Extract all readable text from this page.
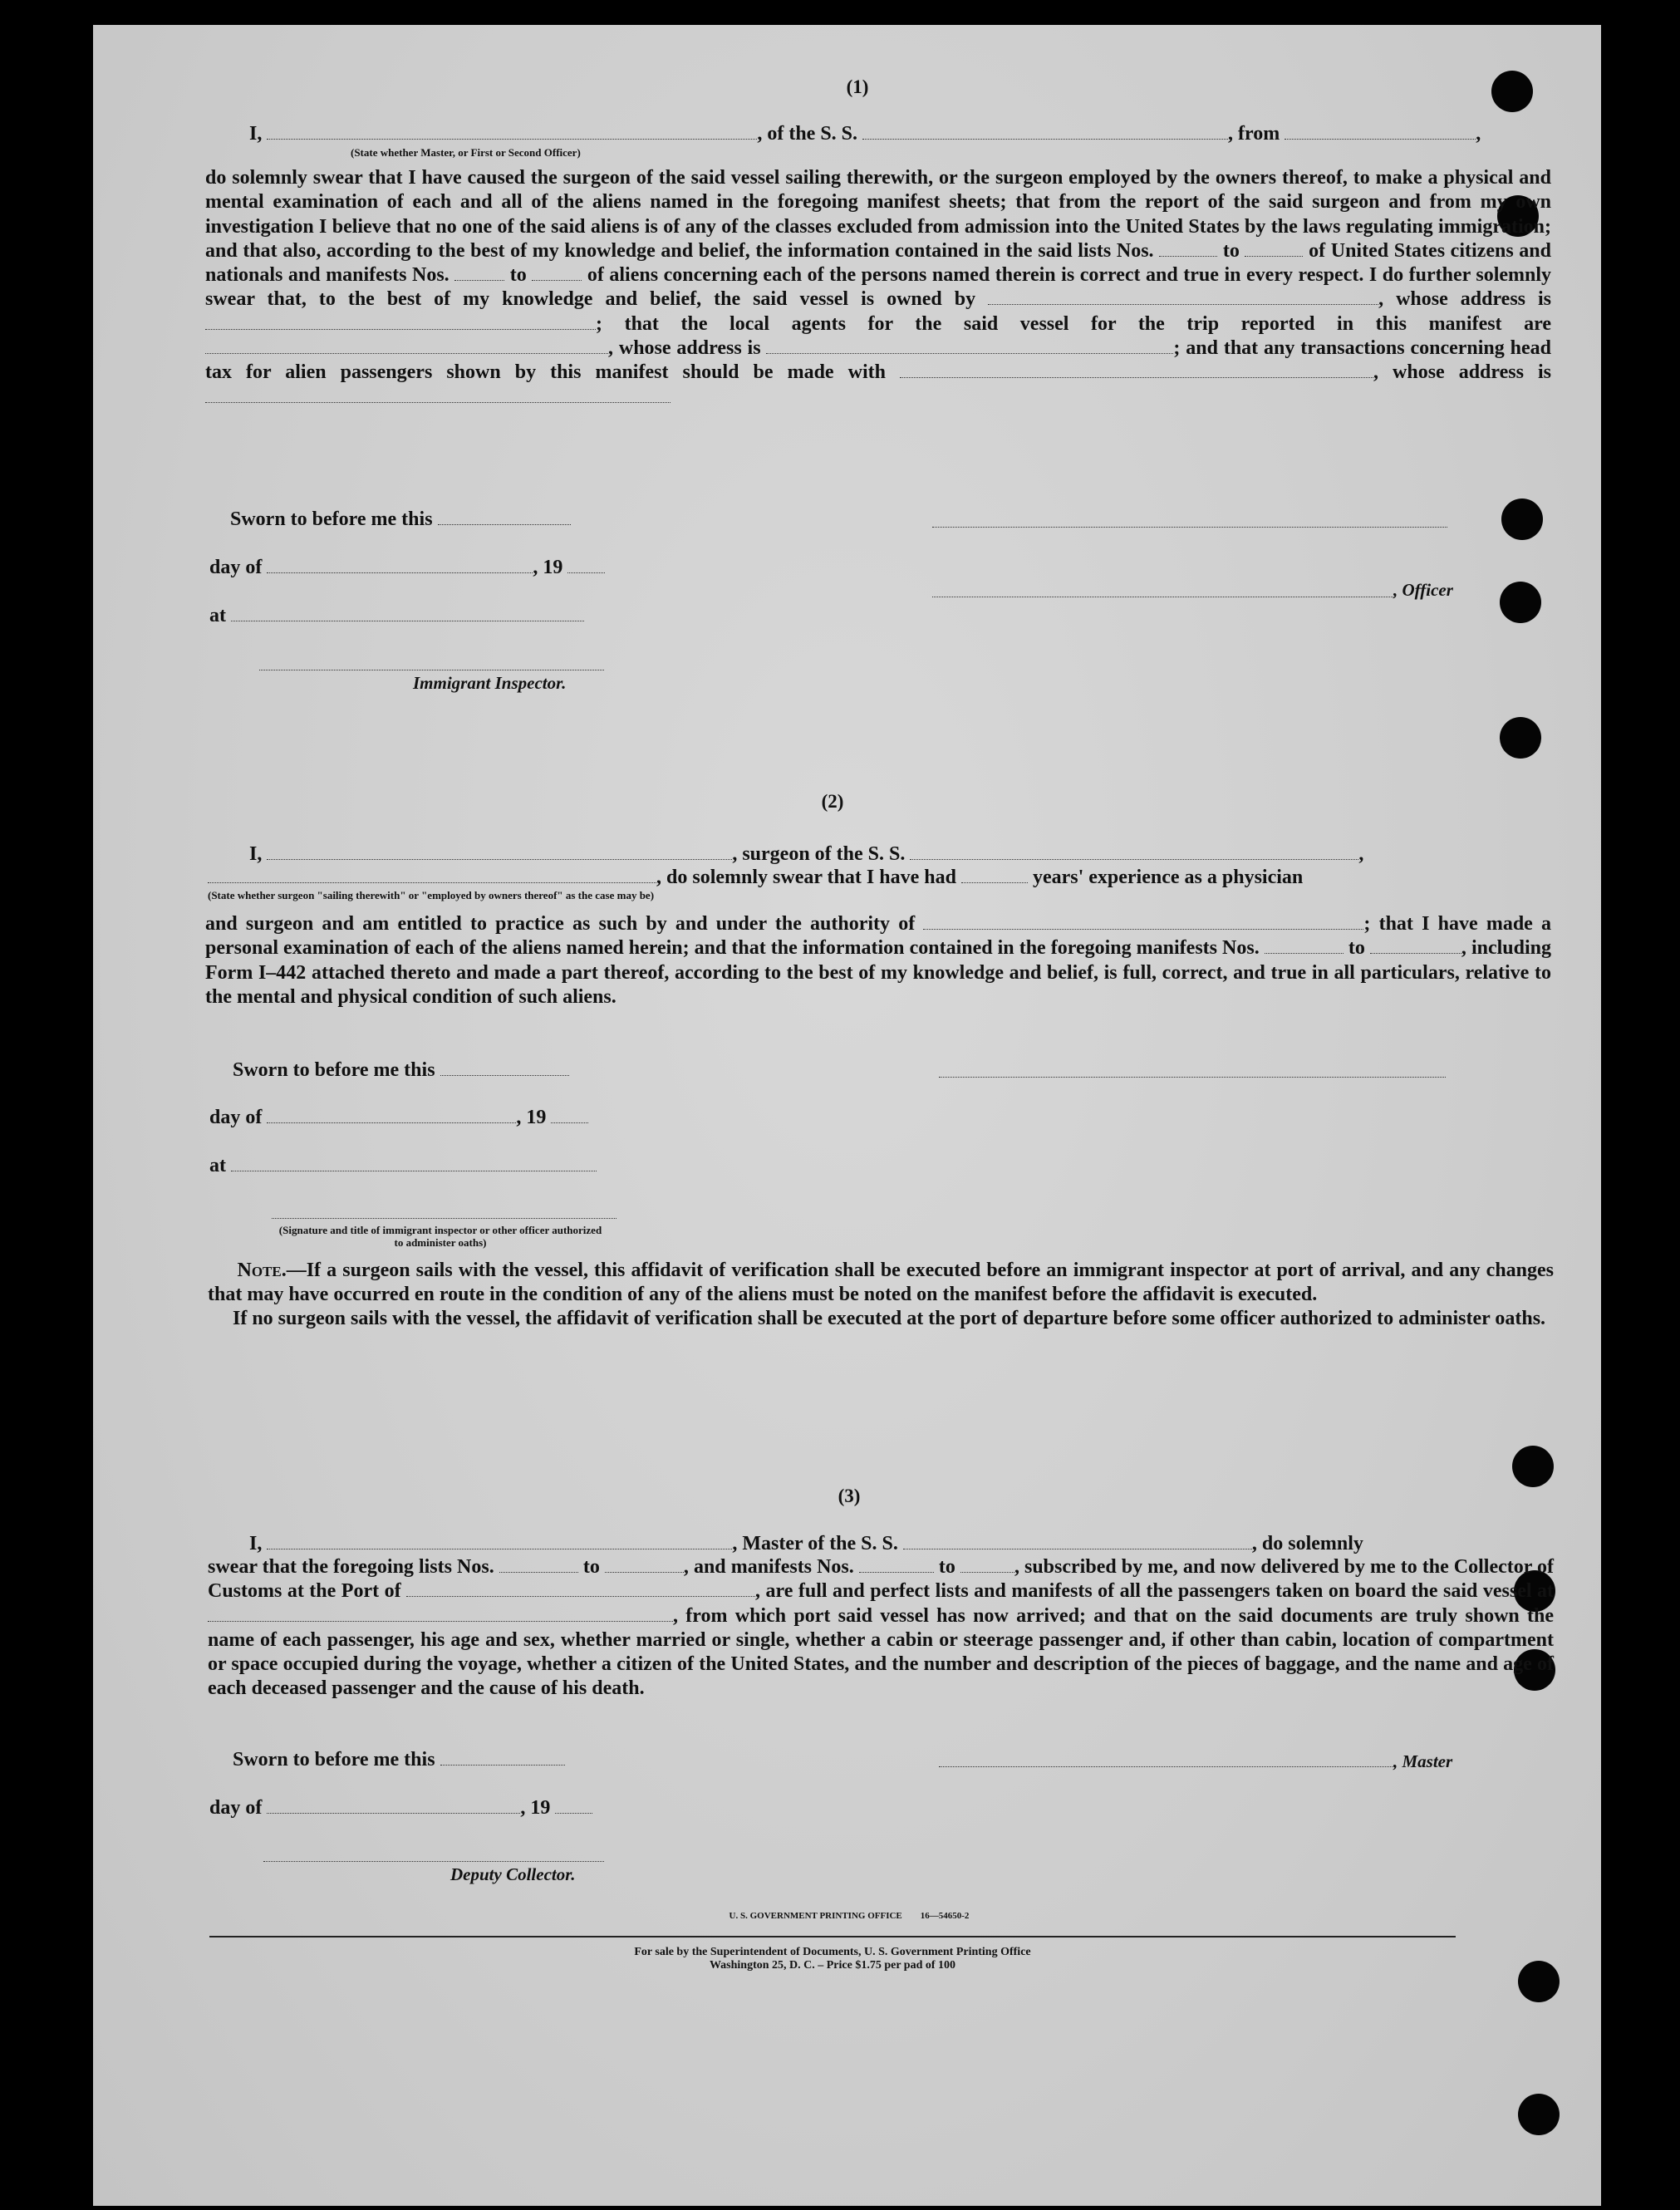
(1)
I,	, of the S. S.	, from	,
(State whether Master, or First or Second Officer)

do solemnly swear that I have caused the surgeon of the said vessel sailing therewith, or the surgeon employed by the owners thereof, to make a physical and mental examination of each and all of the aliens named in the foregoing manifest sheets; that from the report of the said surgeon and from my own investigation I believe that no one of the said aliens is of any of the classes excluded from admission into the United States by the laws regulating immigration; and that also, according to the best of my knowledge and belief, the information contained in the said lists Nos.	to	of United States citizens and nationals and manifests Nos.	to	of aliens concerning each of the persons named therein is correct and true in every respect. I do further solemnly swear that, to the best of my knowledge and belief, the said vessel is owned by	, whose address is ; that the local agents for the said vessel for the trip reported in this manifest are , whose address is	; and that any transactions concerning head tax for alien passengers shown by this manifest should be made with	, whose address is

Sworn to before me this
day of	, 19
, Officer
at
Immigrant Inspector.
(2)
I,	, surgeon of the S. S.	,
, do solemnly swear that I have had	years' experience as a physician
(State whether surgeon "sailing therewith" or "employed by owners thereof" as the case may be)

and surgeon and am entitled to practice as such by and under the authority of	; that I have made a personal examination of each of the aliens named herein; and that the information contained in the foregoing manifests Nos.	to	, including Form I–442 attached thereto and made a part thereof, according to the best of my knowledge and belief, is full, correct, and true in all particulars, relative to the mental and physical condition of such aliens.

Sworn to before me this
day of	, 19
at
(Signature and title of immigrant inspector or other officer authorized to administer oaths)

Note.—If a surgeon sails with the vessel, this affidavit of verification shall be executed before an immigrant inspector at port of arrival, and any changes that may have occurred en route in the condition of any of the aliens must be noted on the manifest before the affidavit is executed.

If no surgeon sails with the vessel, the affidavit of verification shall be executed at the port of departure before some officer authorized to administer oaths.

(3)
I,	, Master of the S. S.	, do solemnly

swear that the foregoing lists Nos.	to	, and manifests Nos.	to	, subscribed by me, and now delivered by me to the Collector of Customs at the Port of	, are full and perfect lists and manifests of all the passengers taken on board the said vessel at , from which port said vessel has now arrived; and that on the said documents are truly shown the name of each passenger, his age and sex, whether married or single, whether a cabin or steerage passenger and, if other than cabin, location of compartment or space occupied during the voyage, whether a citizen of the United States, and the number and description of the pieces of baggage, and the name and age of each deceased passenger and the cause of his death.

Sworn to before me this	, Master
day of	, 19
Deputy Collector.
U. S. GOVERNMENT PRINTING OFFICE 16—54650-2
For sale by the Superintendent of Documents, U. S. Government Printing Office
Washington 25, D. C. – Price $1.75 per pad of 100
